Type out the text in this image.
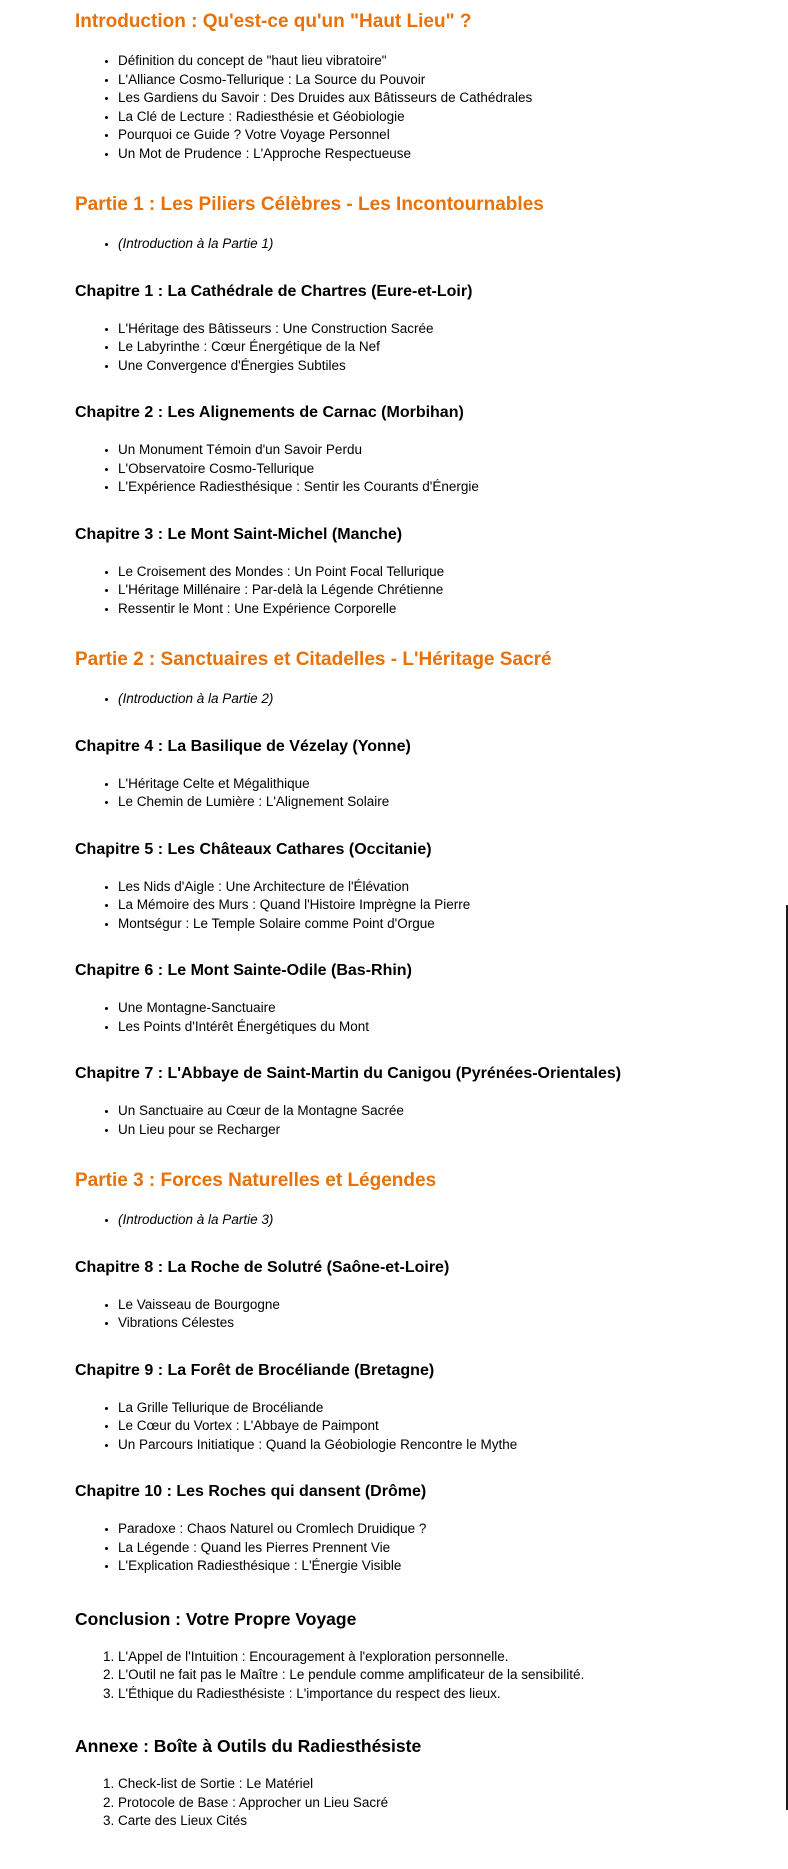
Introduction : Qu'est-ce qu'un "Haut Lieu" ?
• Définition du concept de "haut lieu vibratoire"
• L'Alliance Cosmo-Tellurique : La Source du Pouvoir
• Les Gardiens du Savoir : Des Druides aux Bâtisseurs de Cathédrales
• La Clé de Lecture : Radiesthésie et Géobiologie
• Pourquoi ce Guide ? Votre Voyage Personnel
• Un Mot de Prudence : L'Approche Respectueuse
Partie 1 : Les Piliers Célèbres - Les Incontournables
• (Introduction à la Partie 1)
Chapitre 1 : La Cathédrale de Chartres (Eure-et-Loir)
• L'Héritage des Bâtisseurs : Une Construction Sacrée
• Le Labyrinthe : Cœur Énergétique de la Nef
• Une Convergence d'Énergies Subtiles
Chapitre 2 : Les Alignements de Carnac (Morbihan)
• Un Monument Témoin d'un Savoir Perdu
• L'Observatoire Cosmo-Tellurique
• L'Expérience Radiesthésique : Sentir les Courants d'Énergie
Chapitre 3 : Le Mont Saint-Michel (Manche)
• Le Croisement des Mondes : Un Point Focal Tellurique
• L'Héritage Millénaire : Par-delà la Légende Chrétienne
• Ressentir le Mont : Une Expérience Corporelle
Partie 2 : Sanctuaires et Citadelles - L'Héritage Sacré
• (Introduction à la Partie 2)
Chapitre 4 : La Basilique de Vézelay (Yonne)
• L'Héritage Celte et Mégalithique
• Le Chemin de Lumière : L'Alignement Solaire
Chapitre 5 : Les Châteaux Cathares (Occitanie)
• Les Nids d'Aigle : Une Architecture de l'Élévation
• La Mémoire des Murs : Quand l'Histoire Imprègne la Pierre
• Montségur : Le Temple Solaire comme Point d'Orgue
Chapitre 6 : Le Mont Sainte-Odile (Bas-Rhin)
• Une Montagne-Sanctuaire
• Les Points d'Intérêt Énergétiques du Mont
Chapitre 7 : L'Abbaye de Saint-Martin du Canigou (Pyrénées-Orientales)
• Un Sanctuaire au Cœur de la Montagne Sacrée
• Un Lieu pour se Recharger
Partie 3 : Forces Naturelles et Légendes
• (Introduction à la Partie 3)
Chapitre 8 : La Roche de Solutré (Saône-et-Loire)
• Le Vaisseau de Bourgogne
• Vibrations Célestes
Chapitre 9 : La Forêt de Brocéliande (Bretagne)
• La Grille Tellurique de Brocéliande
• Le Cœur du Vortex : L'Abbaye de Paimpont
• Un Parcours Initiatique : Quand la Géobiologie Rencontre le Mythe
Chapitre 10 : Les Roches qui dansent (Drôme)
• Paradoxe : Chaos Naturel ou Cromlech Druidique ?
• La Légende : Quand les Pierres Prennent Vie
• L'Explication Radiesthésique : L'Énergie Visible
Conclusion : Votre Propre Voyage
1. L'Appel de l'Intuition : Encouragement à l'exploration personnelle.
2. L'Outil ne fait pas le Maître : Le pendule comme amplificateur de la sensibilité.
3. L'Éthique du Radiesthésiste : L'importance du respect des lieux.
Annexe : Boîte à Outils du Radiesthésiste
1. Check-list de Sortie : Le Matériel
2. Protocole de Base : Approcher un Lieu Sacré
3. Carte des Lieux Cités
